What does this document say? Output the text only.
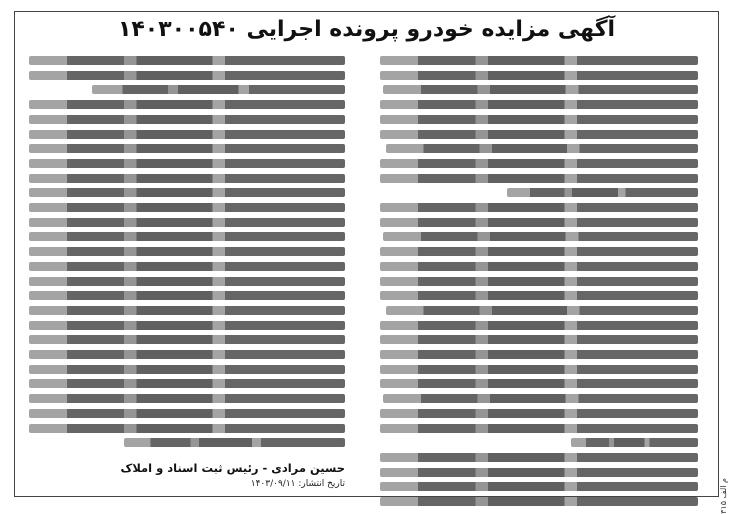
آگهی مزایده خودرو پرونده اجرایی ۱۴۰۳۰۰۵۴۰
حسین مرادی - رئیس ثبت اسناد و املاک
تاریخ انتشار: ۱۴۰۳/۰۹/۱۱
م الف ۳۱۵
